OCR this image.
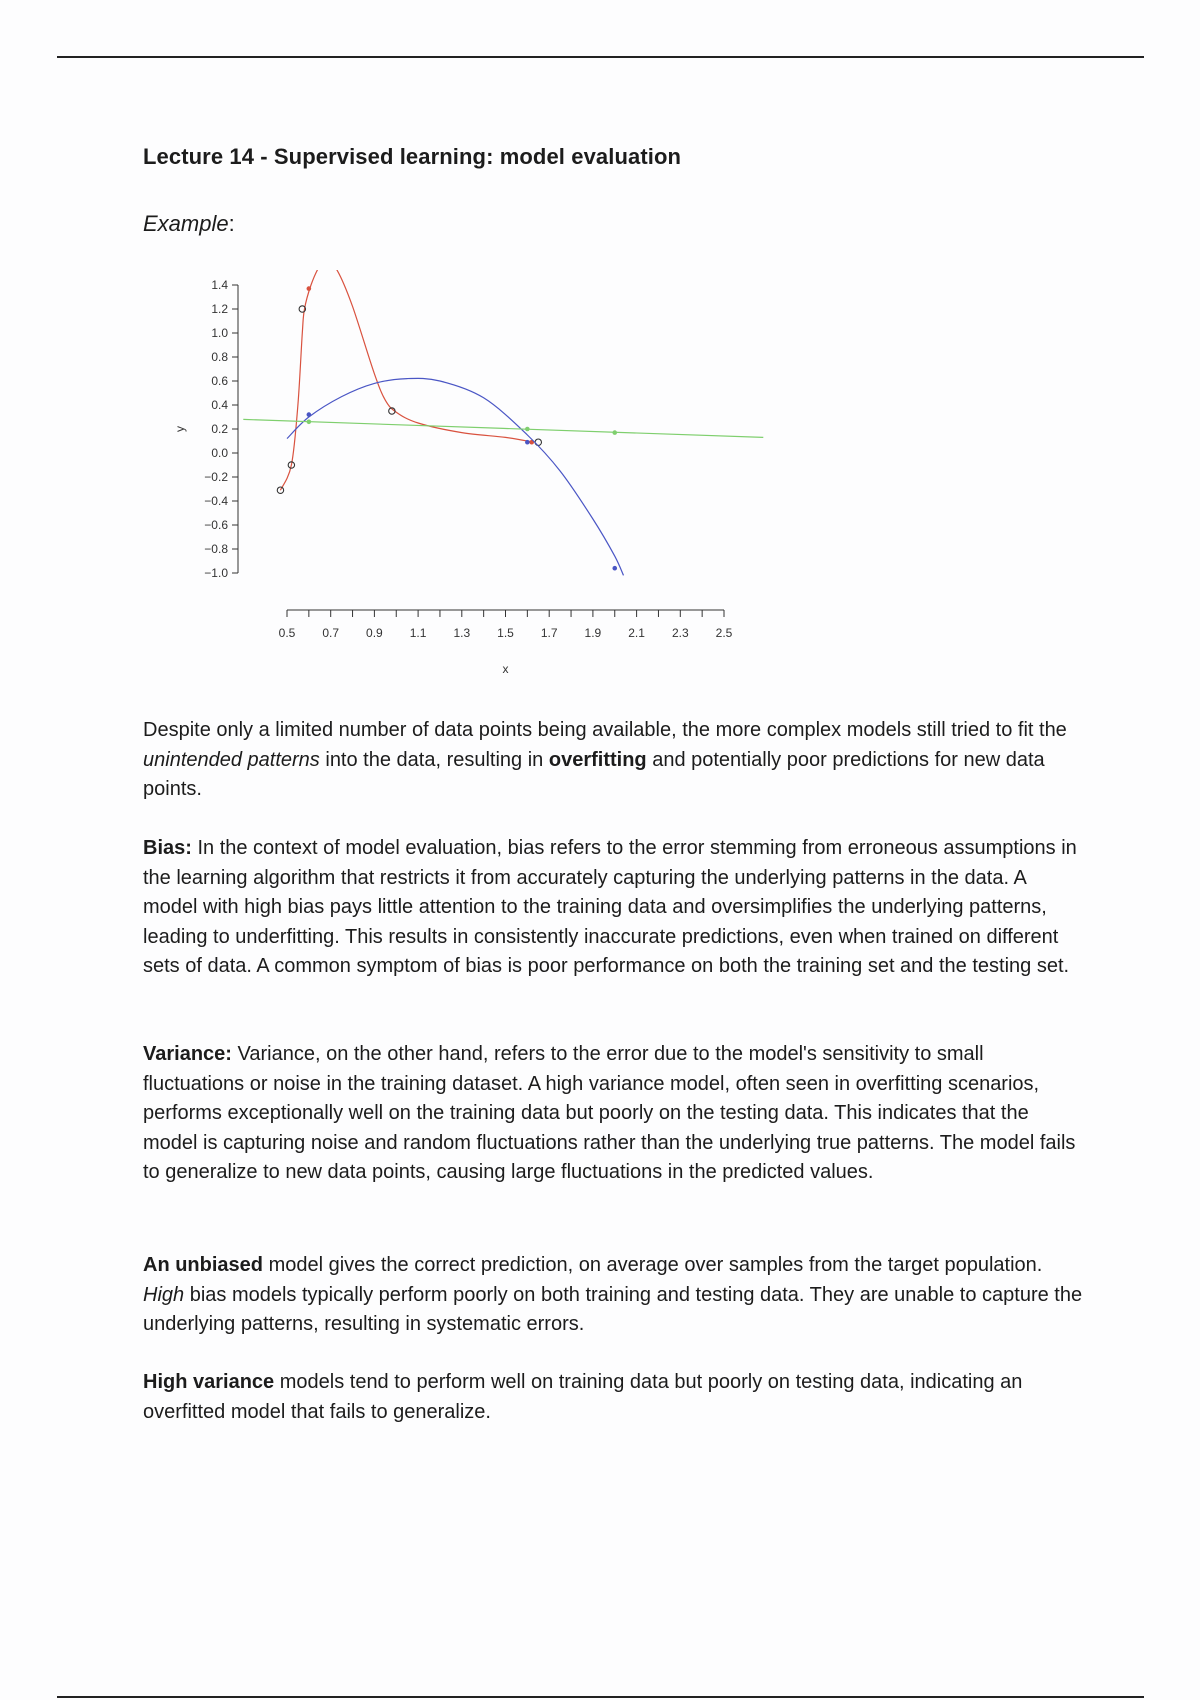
Lecture 14 - Supervised learning: model evaluation

Example:

1.4
1.2
1.0
0.8
0.6
0.4
0.2
0.0
−0.2
−0.4
−0.6
−0.8
−1.0
y
0.5 0.7 0.9 1.1 1.3 1.5 1.7 1.9 2.1 2.3 2.5
x

Despite only a limited number of data points being available, the more complex models still tried to fit the unintended patterns into the data, resulting in overfitting and potentially poor predictions for new data points.

Bias: In the context of model evaluation, bias refers to the error stemming from erroneous assumptions in the learning algorithm that restricts it from accurately capturing the underlying patterns in the data. A model with high bias pays little attention to the training data and oversimplifies the underlying patterns, leading to underfitting. This results in consistently inaccurate predictions, even when trained on different sets of data. A common symptom of bias is poor performance on both the training set and the testing set.

Variance: Variance, on the other hand, refers to the error due to the model's sensitivity to small fluctuations or noise in the training dataset. A high variance model, often seen in overfitting scenarios, performs exceptionally well on the training data but poorly on the testing data. This indicates that the model is capturing noise and random fluctuations rather than the underlying true patterns. The model fails to generalize to new data points, causing large fluctuations in the predicted values.

An unbiased model gives the correct prediction, on average over samples from the target population. High bias models typically perform poorly on both training and testing data. They are unable to capture the underlying patterns, resulting in systematic errors.

High variance models tend to perform well on training data but poorly on testing data, indicating an overfitted model that fails to generalize.
